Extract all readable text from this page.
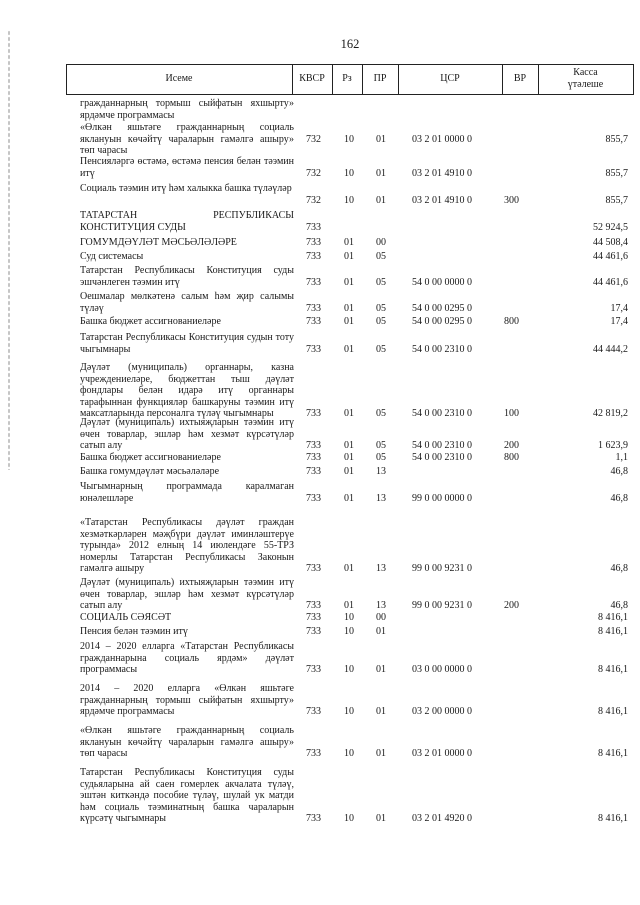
162
Исеме	КВСР	Рз	ПР	ЦСР	ВР
Касса
үтәлеше
гражданнарның тормыш сыйфатын яхшырту» ярдәмче программасы
«Өлкән яшьтәге гражданнарның социаль яклануын көчәйтү чараларын гамәлгә ашыру» төп чарасы
732 10 01	03 2 01 0000 0	855,7
Пенсияләргә өстәмә, өстәмә пенсия белән тәэмин итү	732 10 01	03 2 01 4910 0	855,7
Социаль тәэмин итү һәм халыкка башка түләүләр
732 10 01	03 2 01 4910 0	300	855,7
ТАТАРСТАН РЕСПУБЛИКАСЫ КОНСТИТУЦИЯ СУДЫ	733	52 924,5
ГОМУМДӘҮЛӘТ МӘСЬӘЛӘЛӘРЕ	733 01 00	44 508,4
Суд системасы	733 01 05	44 461,6
Татарстан Республикасы Конституция суды эшчәнлеген тәэмин итү	733 01 05	54 0 00 0000 0	44 461,6
Оешмалар мөлкәтенә салым һәм җир салымы түләү	733 01 05	54 0 00 0295 0	17,4
Башка бюджет ассигнованиеләре	733 01 05	54 0 00 0295 0	800	17,4
Татарстан Республикасы Конституция судын тоту чыгымнары	733 01 05	54 0 00 2310 0	44 444,2
Дәүләт (муниципаль) органнары, казна учреждениеләре, бюджеттан тыш дәүләт фондлары белән идарә итү органнары тарафыннан функцияләр башкаруны тәэмин итү максатларында персоналга түләү чыгымнары	733 01 05	54 0 00 2310 0	100	42 819,2
Дәүләт (муниципаль) ихтыяҗларын тәэмин итү өчен товарлар, эшләр һәм хезмәт күрсәтүләр сатып алу	733 01 05	54 0 00 2310 0	200	1 623,9
Башка бюджет ассигнованиеләре	733 01 05	54 0 00 2310 0	800	1,1
Башка гомумдәүләт мәсьәләләре	733 01 13	46,8
Чыгымнарның программада каралмаган юнәлешләре	733 01 13	99 0 00 0000 0	46,8
«Татарстан Республикасы дәүләт граждан хезмәткәрләрен мәҗбүри дәүләт иминләштерүе турында» 2012 елның 14 июлендәге 55-ТРЗ номерлы Татарстан Республикасы Законын гамәлгә ашыру	733 01 13	99 0 00 9231 0	46,8
Дәүләт (муниципаль) ихтыяҗларын тәэмин итү өчен товарлар, эшләр һәм хезмәт күрсәтүләр сатып алу	733 01 13	99 0 00 9231 0	200	46,8
СОЦИАЛЬ СӘЯСӘТ	733 10 00	8 416,1
Пенсия белән тәэмин итү	733 10 01	8 416,1
2014 – 2020 елларга «Татарстан Республикасы гражданнарына социаль ярдәм» дәүләт программасы	733 10 01	03 0 00 0000 0	8 416,1
2014 – 2020 елларга «Өлкән яшьтәге гражданнарның тормыш сыйфатын яхшырту» ярдәмче программасы	733 10 01	03 2 00 0000 0	8 416,1
«Өлкән яшьтәге гражданнарның социаль яклануын көчәйтү чараларын гамәлгә ашыру» төп чарасы	733 10 01	03 2 01 0000 0	8 416,1
Татарстан Республикасы Конституция суды судьяларына ай саен гомерлек акчалата түләү, эштән киткәндә пособие түләү, шулай ук матди һәм социаль тәэминатның башка чараларын күрсәтү чыгымнары	733 10 01	03 2 01 4920 0	8 416,1
